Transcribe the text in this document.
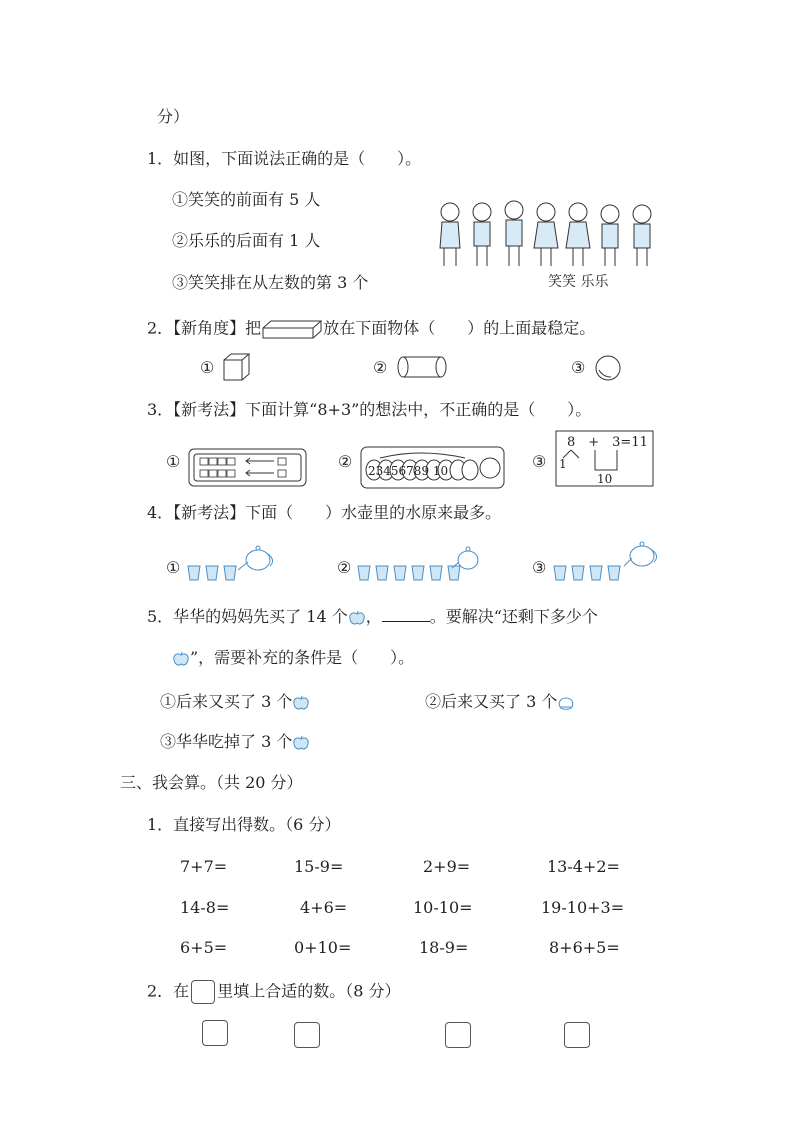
分）
1．如图，下面说法正确的是（　　）。
①笑笑的前面有 5 人
②乐乐的后面有 1 人
③笑笑排在从左数的第 3 个	笑笑 乐乐
2．【新角度】把	放在下面物体（　　）的上面最稳定。
①	②	③
3．【新考法】下面计算“8+3”的想法中，不正确的是（　　）。
①	② 23456789 10	③
8　+　3=11
1
10
4．【新考法】下面（　　）水壶里的水原来最多。
①	②	③
5．华华的妈妈先买了 14 个 ，	。要解决“还剩下多少个
”，需要补充的条件是（　　）。
①后来又买了 3 个	②后来又买了 3 个
③华华吃掉了 3 个
三、我会算。（共 20 分）
1．直接写出得数。（6 分）
7+7=	15-9=	2+9=	13-4+2=
14-8=	4+6=	10-10=	19-10+3=
6+5=	0+10=	18-9=	8+6+5=
2．在 里填上合适的数。（8 分）
